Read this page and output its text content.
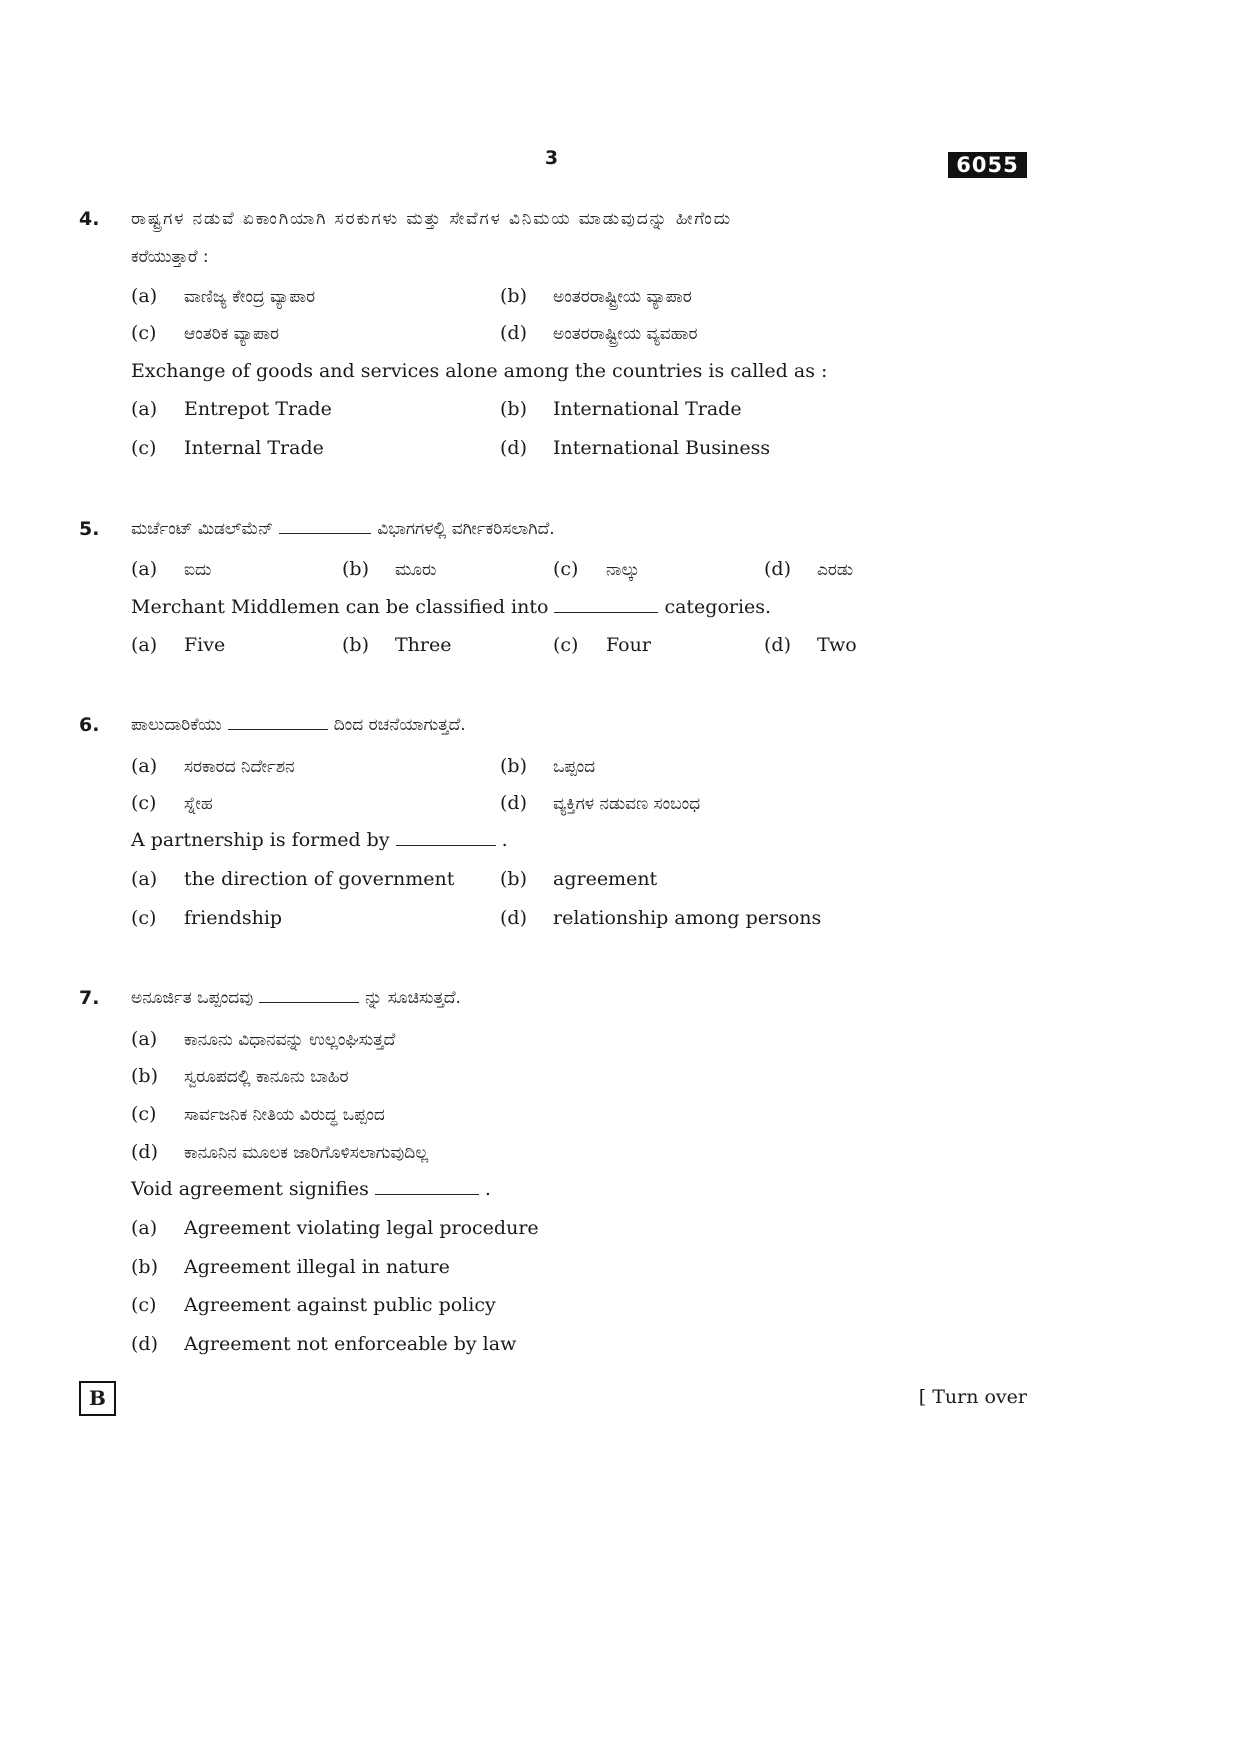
3	6055
4. ರಾಷ್ಟ್ರಗಳ ನಡುವೆ ಏಕಾಂಗಿಯಾಗಿ ಸರಕುಗಳು ಮತ್ತು ಸೇವೆಗಳ ವಿನಿಮಯ ಮಾಡುವುದನ್ನು ಹೀಗೆಂದು
ಕರೆಯುತ್ತಾರೆ :
(a) ವಾಣಿಜ್ಯ ಕೇಂದ್ರ ವ್ಯಾಪಾರ	(b) ಅಂತರರಾಷ್ಟ್ರೀಯ ವ್ಯಾಪಾರ
(c) ಆಂತರಿಕ ವ್ಯಾಪಾರ	(d) ಅಂತರರಾಷ್ಟ್ರೀಯ ವ್ಯವಹಾರ
Exchange of goods and services alone among the countries is called as :
(a) Entrepot Trade	(b) International Trade
(c) Internal Trade	(d) International Business
5. ಮರ್ಚೆಂಟ್ ಮಿಡಲ್‌ಮೆನ್	ವಿಭಾಗಗಳಲ್ಲಿ ವರ್ಗೀಕರಿಸಲಾಗಿದೆ.
(a) ಐದು	(b) ಮೂರು	(c) ನಾಲ್ಕು	(d) ಎರಡು
Merchant Middlemen can be classified into	categories.
(a) Five	(b) Three	(c) Four	(d) Two
6. ಪಾಲುದಾರಿಕೆಯು	ದಿಂದ ರಚನೆಯಾಗುತ್ತದೆ.
(a) ಸರಕಾರದ ನಿರ್ದೇಶನ	(b) ಒಪ್ಪಂದ
(c) ಸ್ನೇಹ	(d) ವ್ಯಕ್ತಿಗಳ ನಡುವಣ ಸಂಬಂಧ
A partnership is formed by	.
(a) the direction of government (b) agreement
(c) friendship	(d) relationship among persons
7. ಅನೂರ್ಜಿತ ಒಪ್ಪಂದವು	ನ್ನು ಸೂಚಿಸುತ್ತದೆ.
(a) ಕಾನೂನು ವಿಧಾನವನ್ನು ಉಲ್ಲಂಘಿಸುತ್ತದೆ
(b) ಸ್ವರೂಪದಲ್ಲಿ ಕಾನೂನು ಬಾಹಿರ
(c) ಸಾರ್ವಜನಿಕ ನೀತಿಯ ವಿರುದ್ಧ ಒಪ್ಪಂದ
(d) ಕಾನೂನಿನ ಮೂಲಕ ಜಾರಿಗೊಳಿಸಲಾಗುವುದಿಲ್ಲ
Void agreement signifies	.
(a) Agreement violating legal procedure
(b) Agreement illegal in nature
(c) Agreement against public policy
(d) Agreement not enforceable by law
B	[ Turn over
